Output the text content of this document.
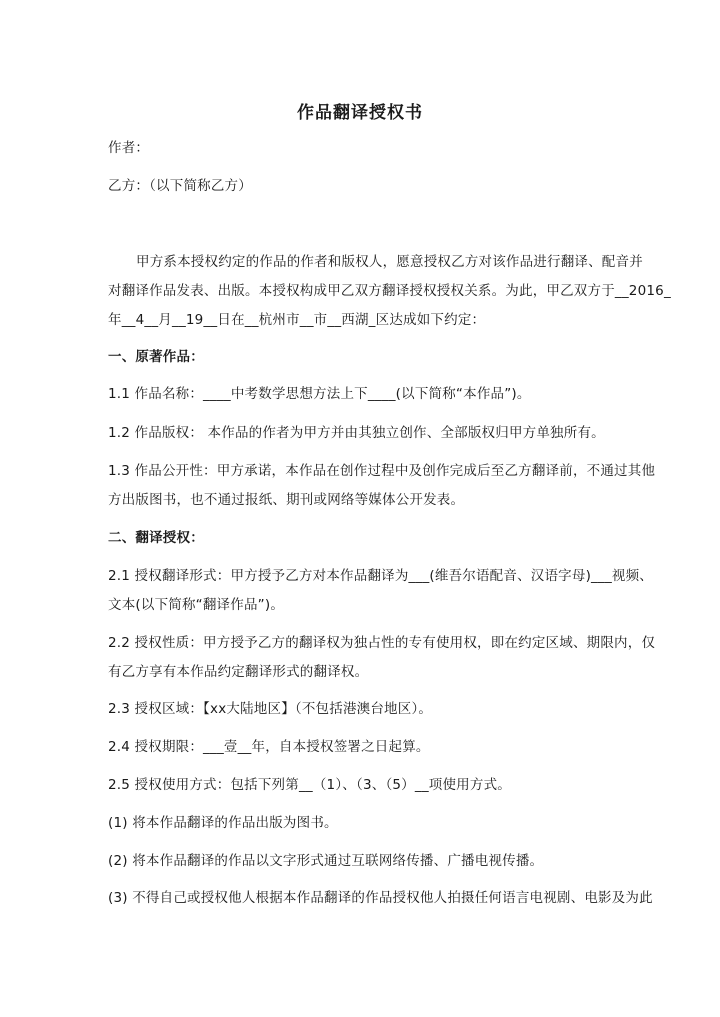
作品翻译授权书
作者：
乙方：（以下简称乙方）
甲方系本授权约定的作品的作者和版权人，愿意授权乙方对该作品进行翻译、配音并
对翻译作品发表、出版。本授权构成甲乙双方翻译授权授权关系。为此，甲乙双方于__2016_
年__4__月__19__日在__杭州市__市__西湖_区达成如下约定：
一、原著作品：
1.1 作品名称：____中考数学思想方法上下____(以下简称“本作品”)。
1.2 作品版权： 本作品的作者为甲方并由其独立创作、全部版权归甲方单独所有。
1.3 作品公开性：甲方承诺，本作品在创作过程中及创作完成后至乙方翻译前，不通过其他
方出版图书，也不通过报纸、期刊或网络等媒体公开发表。
二、翻译授权：
2.1 授权翻译形式：甲方授予乙方对本作品翻译为___(维吾尔语配音、汉语字母)___视频、
文本(以下简称“翻译作品”)。
2.2 授权性质：甲方授予乙方的翻译权为独占性的专有使用权，即在约定区域、期限内，仅
有乙方享有本作品约定翻译形式的翻译权。
2.3 授权区域：【xx大陆地区】（不包括港澳台地区）。
2.4 授权期限：___壹__年，自本授权签署之日起算。
2.5 授权使用方式：包括下列第__（1）、（3、（5）__项使用方式。
(1) 将本作品翻译的作品出版为图书。
(2) 将本作品翻译的作品以文字形式通过互联网络传播、广播电视传播。
(3) 不得自己或授权他人根据本作品翻译的作品授权他人拍摄任何语言电视剧、电影及为此
